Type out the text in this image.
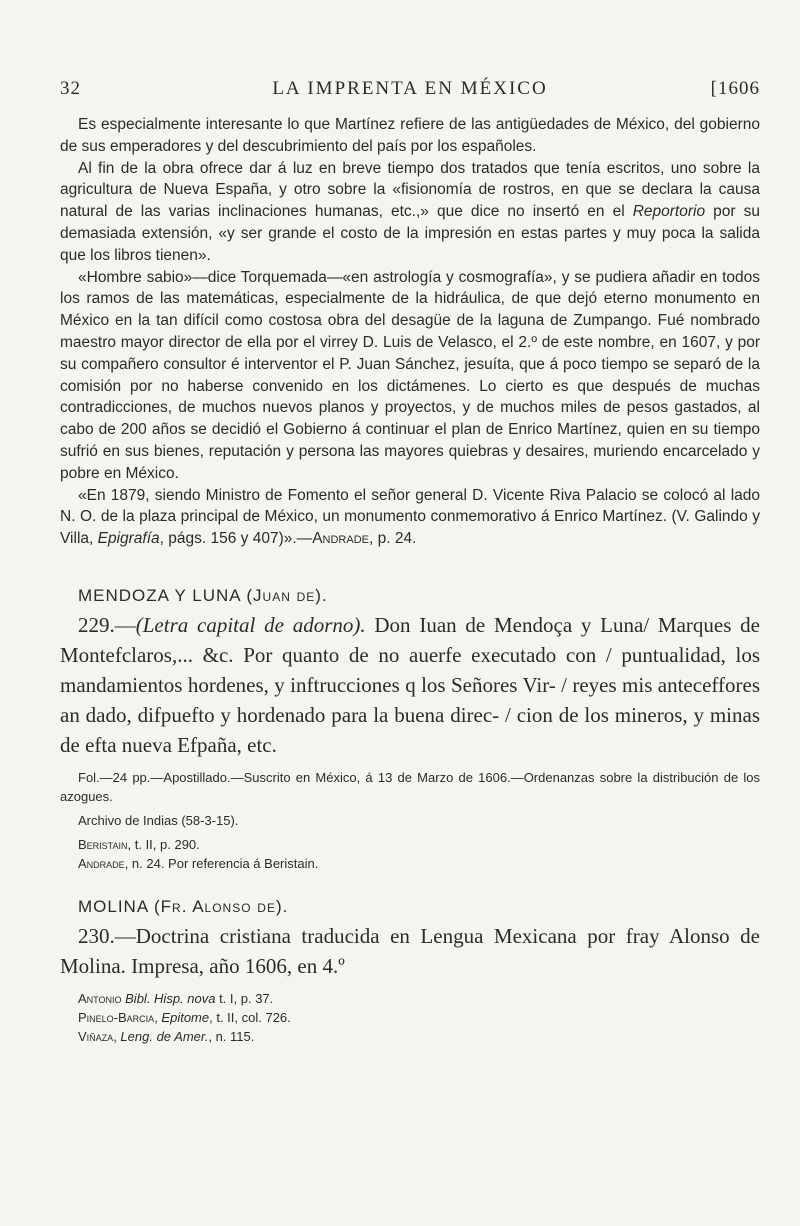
32	LA IMPRENTA EN MÉXICO	[1606

Es especialmente interesante lo que Martínez refiere de las antigüedades de México, del gobierno de sus emperadores y del descubrimiento del país por los españoles.

Al fin de la obra ofrece dar á luz en breve tiempo dos tratados que tenía escritos, uno sobre la agricultura de Nueva España, y otro sobre la «fisionomía de rostros, en que se declara la causa natural de las varias inclinaciones humanas, etc.,» que dice no insertó en el Reportorio por su demasiada extensión, «y ser grande el costo de la impresión en estas partes y muy poca la salida que los libros tienen».

«Hombre sabio»—dice Torquemada—«en astrología y cosmografía», y se pudiera añadir en todos los ramos de las matemáticas, especialmente de la hidráulica, de que dejó eterno monumento en México en la tan difícil como costosa obra del desagüe de la laguna de Zumpango. Fué nombrado maestro mayor director de ella por el virrey D. Luis de Velasco, el 2.º de este nombre, en 1607, y por su compañero consultor é interventor el P. Juan Sánchez, jesuíta, que á poco tiempo se separó de la comisión por no haberse convenido en los dictámenes. Lo cierto es que después de muchas contradicciones, de muchos nuevos planos y proyectos, y de muchos miles de pesos gastados, al cabo de 200 años se decidió el Gobierno á continuar el plan de Enrico Martínez, quien en su tiempo sufrió en sus bienes, reputación y persona las mayores quiebras y desaires, muriendo encarcelado y pobre en México.

«En 1879, siendo Ministro de Fomento el señor general D. Vicente Riva Palacio se colocó al lado N. O. de la plaza principal de México, un monumento conmemorativo á Enrico Martínez. (V. Galindo y Villa, Epigrafía, págs. 156 y 407)».—Andrade, p. 24.

MENDOZA Y LUNA (Juan de).

229.—(Letra capital de adorno). Don Iuan de Mendoça y Luna/ Marques de Montefclaros,... &c. Por quanto de no auerfe executado con / puntualidad, los mandamientos hordenes, y inftrucciones q los Señores Vir- / reyes mis anteceffores an dado, difpuefto y hordenado para la buena direc- / cion de los mineros, y minas de efta nueva Efpaña, etc.

Fol.—24 pp.—Apostillado.—Suscrito en México, á 13 de Marzo de 1606.—Ordenanzas sobre la distribución de los azogues.

Archivo de Indias (58-3-15).

Beristain, t. II, p. 290.

Andrade, n. 24. Por referencia á Beristain.

MOLINA (Fr. Alonso de).

230.—Doctrina cristiana traducida en Lengua Mexicana por fray Alonso de Molina. Impresa, año 1606, en 4.º

Antonio Bibl. Hisp. nova t. I, p. 37.

Pinelo-Barcia, Epitome, t. II, col. 726.

Viñaza, Leng. de Amer., n. 115.
